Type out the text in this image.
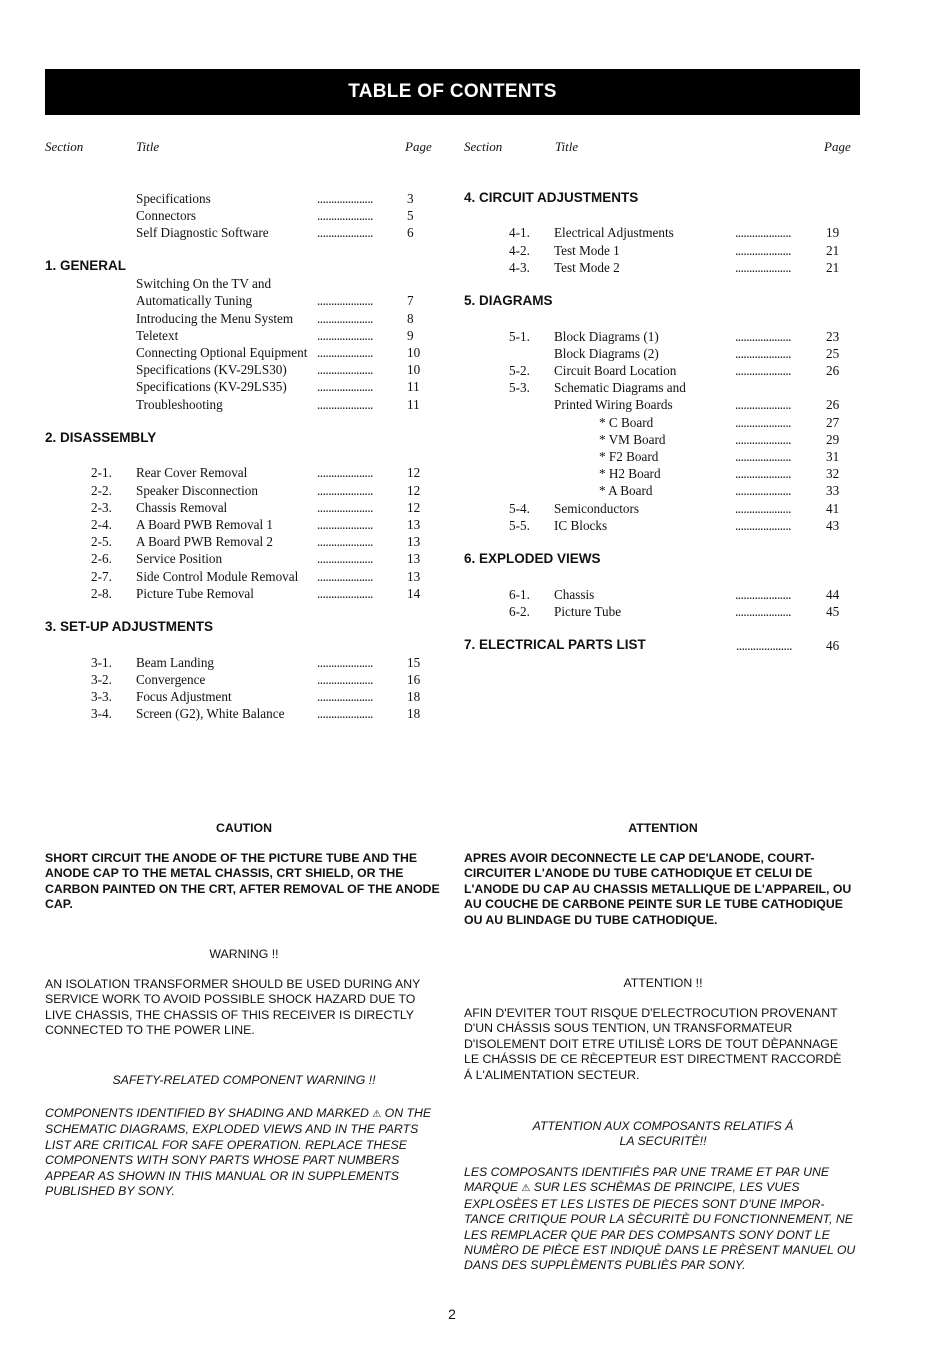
TABLE OF CONTENTS
Section	Title	Page Section	Title	Page
Specifications	....................	3
Connectors	....................	5
Self Diagnostic Software	....................	6
1. GENERAL
Switching On the TV and
Automatically Tuning	....................	7
Introducing the Menu System ....................	8
Teletext	....................	9
Connecting Optional Equipment ....................	10
Specifications (KV-29LS30) ....................	10
Specifications (KV-29LS35) ....................	11
Troubleshooting	....................	11
2. DISASSEMBLY
2-1. Rear Cover Removal	....................	12
2-2. Speaker Disconnection	....................	12
2-3. Chassis Removal	....................	12
2-4. A Board PWB Removal 1	....................	13
2-5. A Board PWB Removal 2	....................	13
2-6. Service Position	....................	13
2-7. Side Control Module Removal ....................	13
2-8. Picture Tube Removal	....................	14
3. SET-UP ADJUSTMENTS
3-1. Beam Landing	....................	15
3-2. Convergence	....................	16
3-3. Focus Adjustment	....................	18
3-4. Screen (G2), White Balance ....................	18
4. CIRCUIT ADJUSTMENTS
4-1. Electrical Adjustments	....................	19
4-2. Test Mode 1	....................	21
4-3. Test Mode 2	....................	21
5. DIAGRAMS
5-1. Block Diagrams (1)	....................	23
Block Diagrams (2)	....................	25
5-2. Circuit Board Location	....................	26
5-3. Schematic Diagrams and
Printed Wiring Boards	....................	26
* C Board	....................	27
* VM Board	....................	29
* F2 Board	....................	31
* H2 Board	....................	32
* A Board	....................	33
5-4. Semiconductors	....................	41
5-5. IC Blocks	....................	43
6. EXPLODED VIEWS
6-1. Chassis	....................	44
6-2. Picture Tube	....................	45
7. ELECTRICAL PARTS LIST	....................	46
CAUTION
SHORT CIRCUIT THE ANODE OF THE PICTURE TUBE AND THE ANODE CAP TO THE METAL CHASSIS, CRT SHIELD, OR THE CARBON PAINTED ON THE CRT, AFTER REMOVAL OF THE ANODE CAP.
WARNING !!
AN ISOLATION TRANSFORMER SHOULD BE USED DURING ANY SERVICE WORK TO AVOID POSSIBLE SHOCK HAZARD DUE TO LIVE CHASSIS, THE CHASSIS OF THIS RECEIVER IS DIRECTLY CONNECTED TO THE POWER LINE.
SAFETY-RELATED COMPONENT WARNING !!
COMPONENTS IDENTIFIED BY SHADING AND MARKED ⚠ ON THE SCHEMATIC DIAGRAMS, EXPLODED VIEWS AND IN THE PARTS LIST ARE CRITICAL FOR SAFE OPERATION. REPLACE THESE COMPONENTS WITH SONY PARTS WHOSE PART NUMBERS APPEAR AS SHOWN IN THIS MANUAL OR IN SUPPLEMENTS PUBLISHED BY SONY.
ATTENTION
APRES AVOIR DECONNECTE LE CAP DE'LANODE, COURT-CIRCUITER L'ANODE DU TUBE CATHODIQUE ET CELUI DE L'ANODE DU CAP AU CHASSIS METALLIQUE DE L'APPAREIL, OU AU COUCHE DE CARBONE PEINTE SUR LE TUBE CATHODIQUE OU AU BLINDAGE DU TUBE CATHODIQUE.
ATTENTION !!
AFIN D'EVITER TOUT RISQUE D'ELECTROCUTION PROVENANT D'UN CHÁSSIS SOUS TENTION, UN TRANSFORMATEUR D'ISOLEMENT DOIT ETRE UTILISÈ LORS DE TOUT DÈPANNAGE LE CHÁSSIS DE CE RÈCEPTEUR EST DIRECTMENT RACCORDÈ Á L'ALIMENTATION SECTEUR.
ATTENTION AUX COMPOSANTS RELATIFS Á
LA SECURITÈ!!
LES COMPOSANTS IDENTIFIÈS PAR UNE TRAME ET PAR UNE MARQUE ⚠ SUR LES SCHÈMAS DE PRINCIPE, LES VUES EXPLOSÈES ET LES LISTES DE PIECES SONT D'UNE IMPOR-TANCE CRITIQUE POUR LA SÈCURITÈ DU FONCTIONNEMENT, NE LES REMPLACER QUE PAR DES COMPSANTS SONY DONT LE NUMÈRO DE PIÈCE EST INDIQUÈ DANS LE PRÈSENT MANUEL OU DANS DES SUPPLÈMENTS PUBLIÈS PAR SONY.
2
